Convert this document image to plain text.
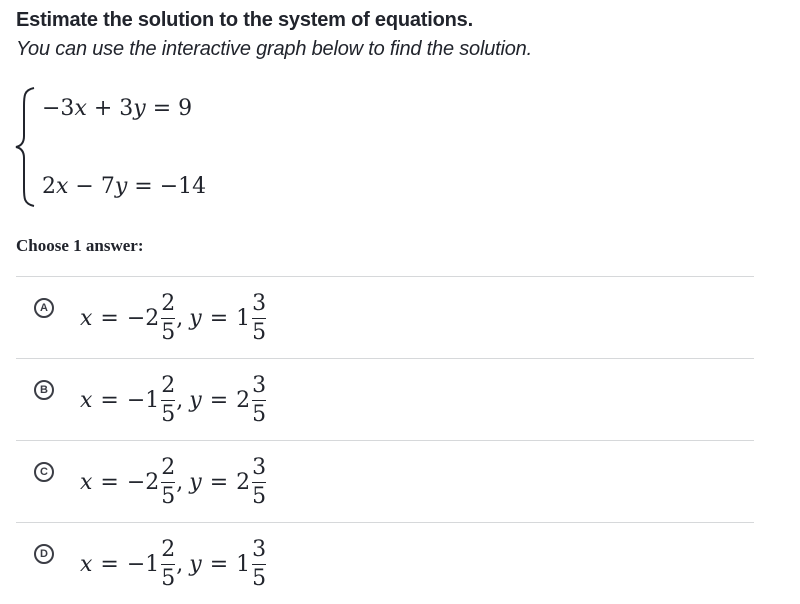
Estimate the solution to the system of equations.

You can use the interactive graph below to find the solution.

−3x + 3y = 9
2x − 7y = −14
Choose 1 answer:
A $x = -2 \frac{2}{5}$ , $y = 1 \frac{3}{5}$
B $x = -1 \frac{2}{5}$ , $y = 2 \frac{3}{5}$
C $x = -2 \frac{2}{5}$ , $y = 2 \frac{3}{5}$
D $x = -1 \frac{2}{5}$ , $y = 1 \frac{3}{5}$
